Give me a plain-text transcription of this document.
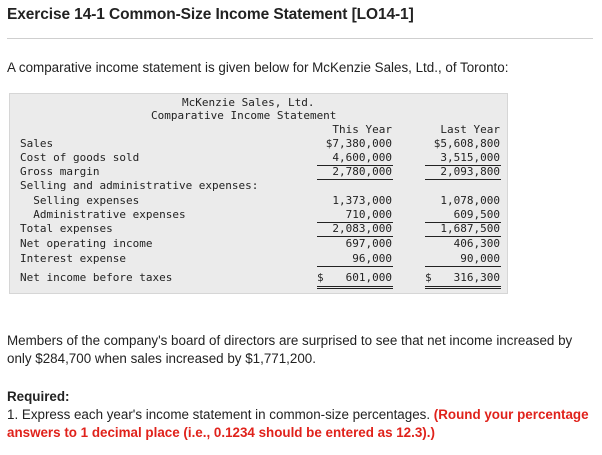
Exercise 14-1 Common-Size Income Statement [LO14-1]
A comparative income statement is given below for McKenzie Sales, Ltd., of Toronto:
McKenzie Sales, Ltd.
Comparative Income Statement
This Year	Last Year
Sales	$7,380,000	$5,608,800
Cost of goods sold	4,600,000	3,515,000
Gross margin	2,780,000	2,093,800
Selling and administrative expenses:
Selling expenses	1,373,000	1,078,000
Administrative expenses	710,000	609,500
Total expenses	2,083,000	1,687,500
Net operating income	697,000	406,300
Interest expense	96,000	90,000
Net income before taxes	$	601,000	$	316,300
Members of the company's board of directors are surprised to see that net income increased by only $284,700 when sales increased by $1,771,200.
Required:
1. Express each year's income statement in common-size percentages. (Round your percentage answers to 1 decimal place (i.e., 0.1234 should be entered as 12.3).)
